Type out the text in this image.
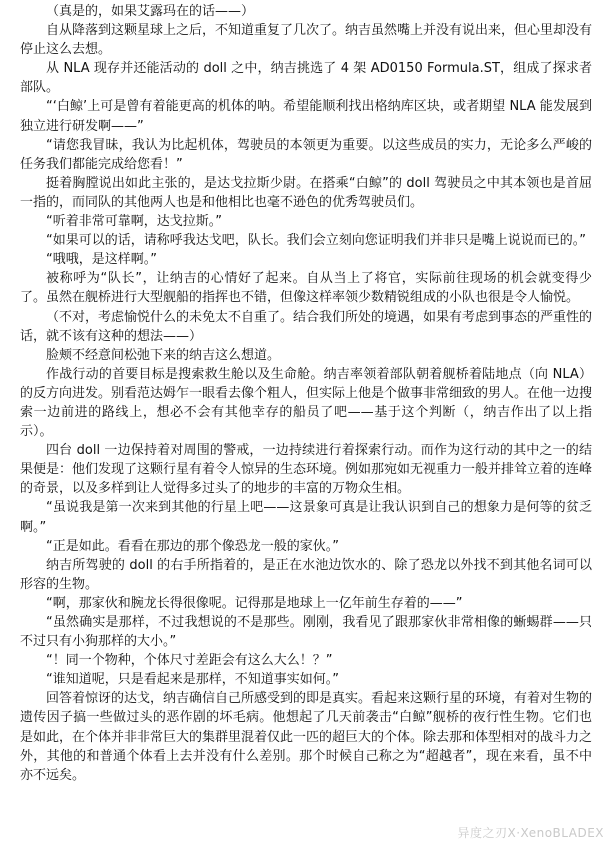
（真是的，如果艾露玛在的话——）

自从降落到这颗星球上之后，不知道重复了几次了。纳吉虽然嘴上并没有说出来，但心里却没有停止这么去想。

从 NLA 现存并还能活动的 doll 之中，纳吉挑选了 4 架 AD0150 Formula.ST，组成了探求者部队。

“‘白鲸’上可是曾有着能更高的机体的呐。希望能顺利找出格纳库区块，或者期望 NLA 能发展到独立进行研发啊——”

“请您我冒昧，我认为比起机体，驾驶员的本领更为重要。以这些成员的实力，无论多么严峻的任务我们都能完成给您看！”

挺着胸膛说出如此主张的，是达戈拉斯少尉。在搭乘“白鲸”的 doll 驾驶员之中其本领也是首屈一指的，而同队的其他两人也是和他相比也毫不逊色的优秀驾驶员们。

“听着非常可靠啊，达戈拉斯。”

“如果可以的话，请称呼我达戈吧，队长。我们会立刻向您证明我们并非只是嘴上说说而已的。”

“哦哦，是这样啊。”

被称呼为“队长”，让纳吉的心情好了起来。自从当上了将官，实际前往现场的机会就变得少了。虽然在舰桥进行大型舰船的指挥也不错，但像这样率领少数精锐组成的小队也很是令人愉悦。

（不对，考虑愉悦什么的未免太不自重了。结合我们所处的境遇，如果有考虑到事态的严重性的话，就不该有这种的想法——）

脸颊不经意间松弛下来的纳吉这么想道。

作战行动的首要目标是搜索救生舱以及生命舱。纳吉率领着部队朝着舰桥着陆地点（向 NLA）的反方向进发。别看范达姆乍一眼看去像个粗人，但实际上他是个做事非常细致的男人。在他一边搜索一边前进的路线上，想必不会有其他幸存的船员了吧——基于这个判断（，纳吉作出了以上指示）。

四台 doll 一边保持着对周围的警戒，一边持续进行着探索行动。而作为这行动的其中之一的结果便是：他们发现了这颗行星有着令人惊异的生态环境。例如那宛如无视重力一般并排耸立着的连峰的奇景，以及多样到让人觉得多过头了的地步的丰富的万物众生相。

“虽说我是第一次来到其他的行星上吧——这景象可真是让我认识到自己的想象力是何等的贫乏啊。”

“正是如此。看看在那边的那个像恐龙一般的家伙。”

纳吉所驾驶的 doll 的右手所指着的，是正在水池边饮水的、除了恐龙以外找不到其他名词可以形容的生物。

“啊，那家伙和腕龙长得很像呢。记得那是地球上一亿年前生存着的——”

“虽然确实是那样，不过我想说的不是那些。刚刚，我看见了跟那家伙非常相像的蜥蜴群——只不过只有小狗那样的大小。”

“！同一个物种，个体尺寸差距会有这么大么！？”

“谁知道呢，只是看起来是那样，不知道事实如何。”

回答着惊讶的达戈，纳吉确信自己所感受到的即是真实。看起来这颗行星的环境，有着对生物的遗传因子搞一些做过头的恶作剧的坏毛病。他想起了几天前袭击“白鲸”舰桥的夜行性生物。它们也是如此，在个体并非非常巨大的集群里混着仅此一匹的超巨大的个体。除去那和体型相对的战斗力之外，其他的和普通个体看上去并没有什么差别。那个时候自己称之为“超越者”，现在来看，虽不中亦不远矣。

异度之刃X·XenoBLADEX
